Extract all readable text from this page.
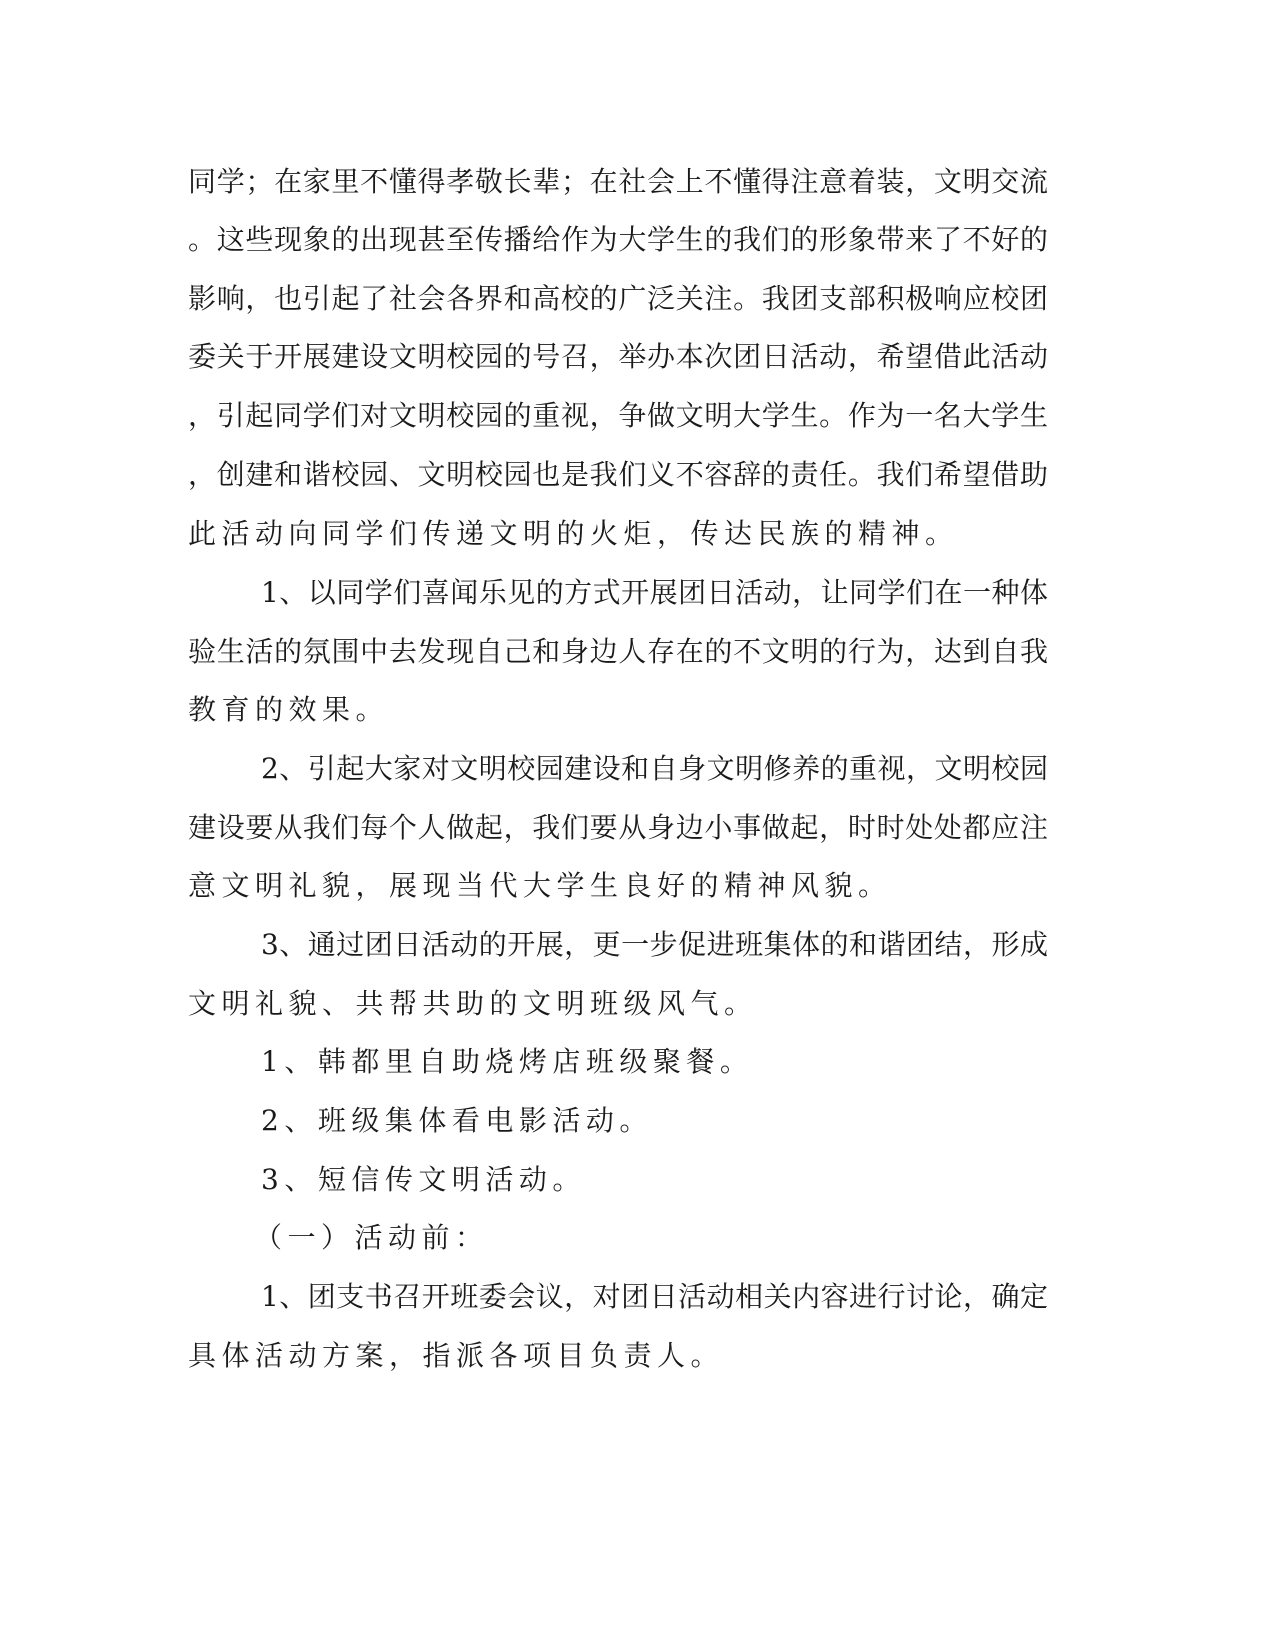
同学；在家里不懂得孝敬长辈；在社会上不懂得注意着装，文明交流
。这些现象的出现甚至传播给作为大学生的我们的形象带来了不好的
影响，也引起了社会各界和高校的广泛关注。我团支部积极响应校团
委关于开展建设文明校园的号召，举办本次团日活动，希望借此活动
，引起同学们对文明校园的重视，争做文明大学生。作为一名大学生
，创建和谐校园、文明校园也是我们义不容辞的责任。我们希望借助
此活动向同学们传递文明的火炬，传达民族的精神。
1、以同学们喜闻乐见的方式开展团日活动，让同学们在一种体
验生活的氛围中去发现自己和身边人存在的不文明的行为，达到自我
教育的效果。
2、引起大家对文明校园建设和自身文明修养的重视，文明校园
建设要从我们每个人做起，我们要从身边小事做起，时时处处都应注
意文明礼貌，展现当代大学生良好的精神风貌。
3、通过团日活动的开展，更一步促进班集体的和谐团结，形成
文明礼貌、共帮共助的文明班级风气。
1、韩都里自助烧烤店班级聚餐。
2、班级集体看电影活动。
3、短信传文明活动。
（一）活动前：
1、团支书召开班委会议，对团日活动相关内容进行讨论，确定
具体活动方案，指派各项目负责人。
